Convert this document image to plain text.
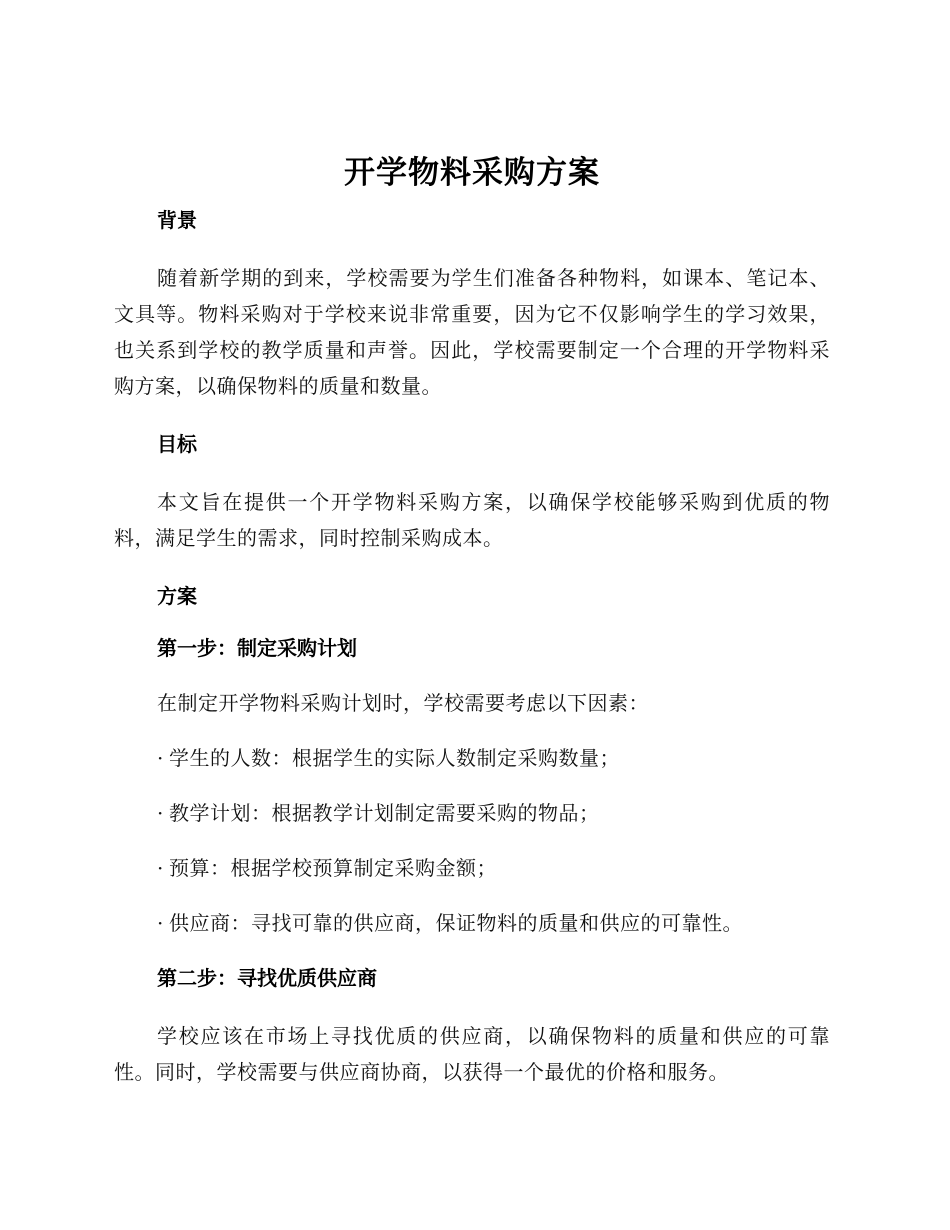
开学物料采购方案
背景

随着新学期的到来，学校需要为学生们准备各种物料，如课本、笔记本、文具等。物料采购对于学校来说非常重要，因为它不仅影响学生的学习效果，也关系到学校的教学质量和声誉。因此，学校需要制定一个合理的开学物料采购方案，以确保物料的质量和数量。

目标

本文旨在提供一个开学物料采购方案，以确保学校能够采购到优质的物料，满足学生的需求，同时控制采购成本。

方案
第一步：制定采购计划

在制定开学物料采购计划时，学校需要考虑以下因素：

· 学生的人数：根据学生的实际人数制定采购数量；

· 教学计划：根据教学计划制定需要采购的物品；

· 预算：根据学校预算制定采购金额；

· 供应商：寻找可靠的供应商，保证物料的质量和供应的可靠性。

第二步：寻找优质供应商

学校应该在市场上寻找优质的供应商，以确保物料的质量和供应的可靠性。同时，学校需要与供应商协商，以获得一个最优的价格和服务。
